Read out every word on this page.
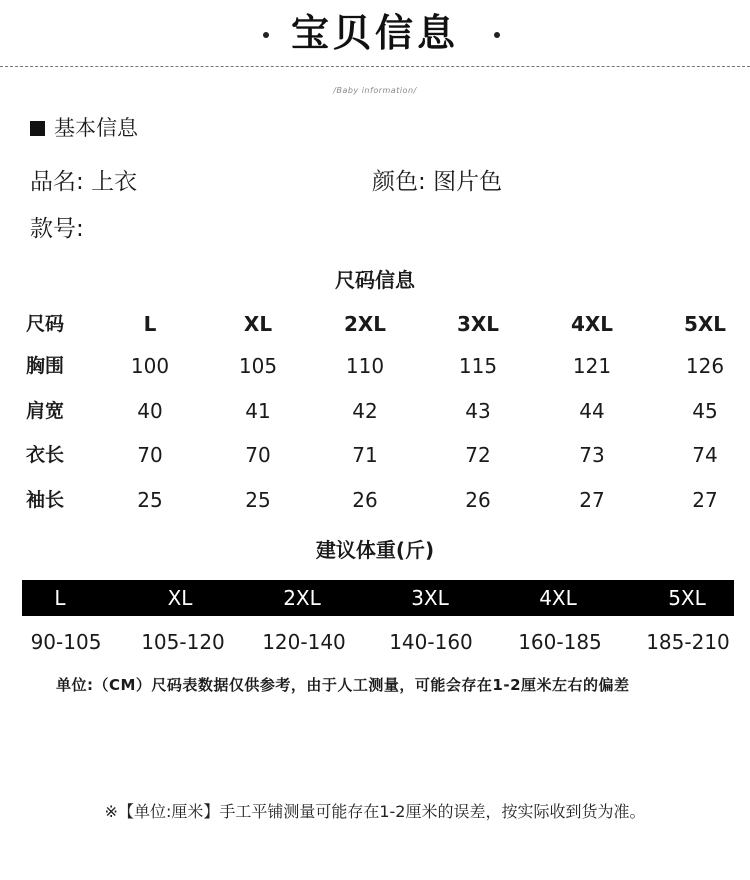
宝贝信息
/Baby information/
基本信息
品名: 上衣	颜色: 图片色
款号:
尺码信息
尺码	L	XL	2XL	3XL	4XL	5XL
胸围	100	105	110	115	121	126
肩宽	40	41	42	43	44	45
衣长	70	70	71	72	73	74
袖长	25	25	26	26	27	27
建议体重(斤)
L	XL	2XL	3XL	4XL	5XL
90-105	105-120	120-140	140-160	160-185	185-210
单位:（CM）尺码表数据仅供参考，由于人工测量，可能会存在1-2厘米左右的偏差
※【单位:厘米】手工平铺测量可能存在1-2厘米的误差，按实际收到货为准。
